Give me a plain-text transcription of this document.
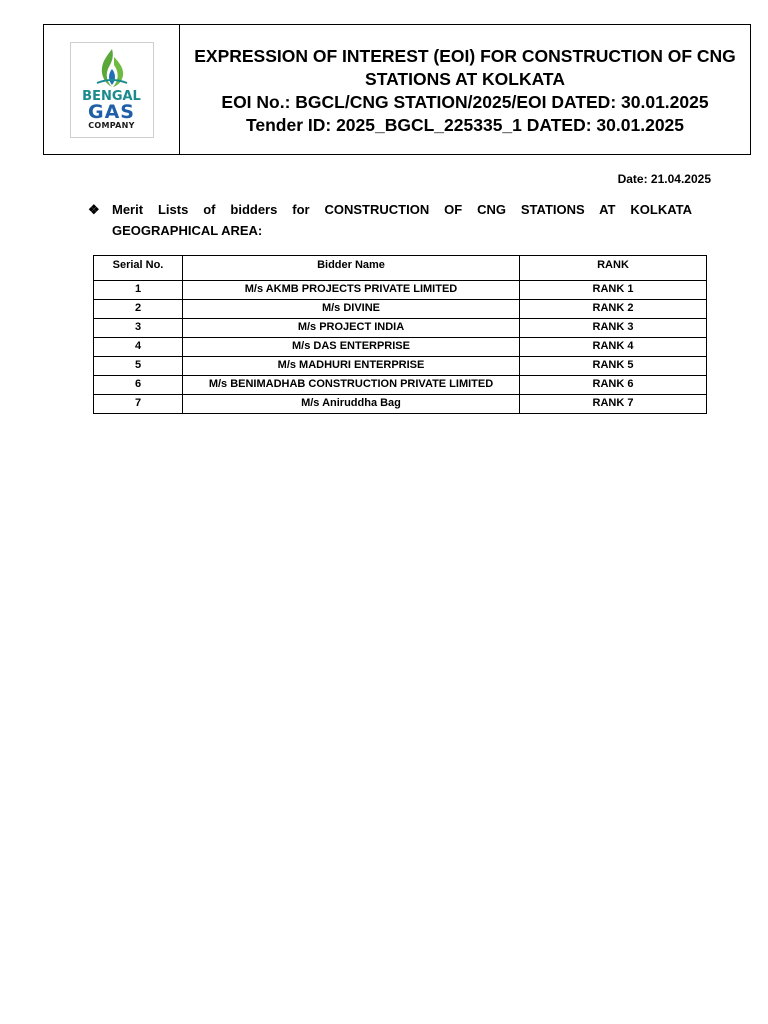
BENGAL
GAS
COMPANY
EXPRESSION OF INTEREST (EOI) FOR CONSTRUCTION OF CNG
STATIONS AT KOLKATA
EOI No.: BGCL/CNG STATION/2025/EOI DATED: 30.01.2025
Tender ID: 2025_BGCL_225335_1 DATED: 30.01.2025
Date: 21.04.2025
❖ Merit Lists of bidders for CONSTRUCTION OF CNG STATIONS AT KOLKATA
GEOGRAPHICAL AREA:
Serial No.	Bidder Name	RANK
1	M/s AKMB PROJECTS PRIVATE LIMITED	RANK 1
2	M/s DIVINE	RANK 2
3	M/s PROJECT INDIA	RANK 3
4	M/s DAS ENTERPRISE	RANK 4
5	M/s MADHURI ENTERPRISE	RANK 5
6	M/s BENIMADHAB CONSTRUCTION PRIVATE LIMITED	RANK 6
7	M/s Aniruddha Bag	RANK 7
